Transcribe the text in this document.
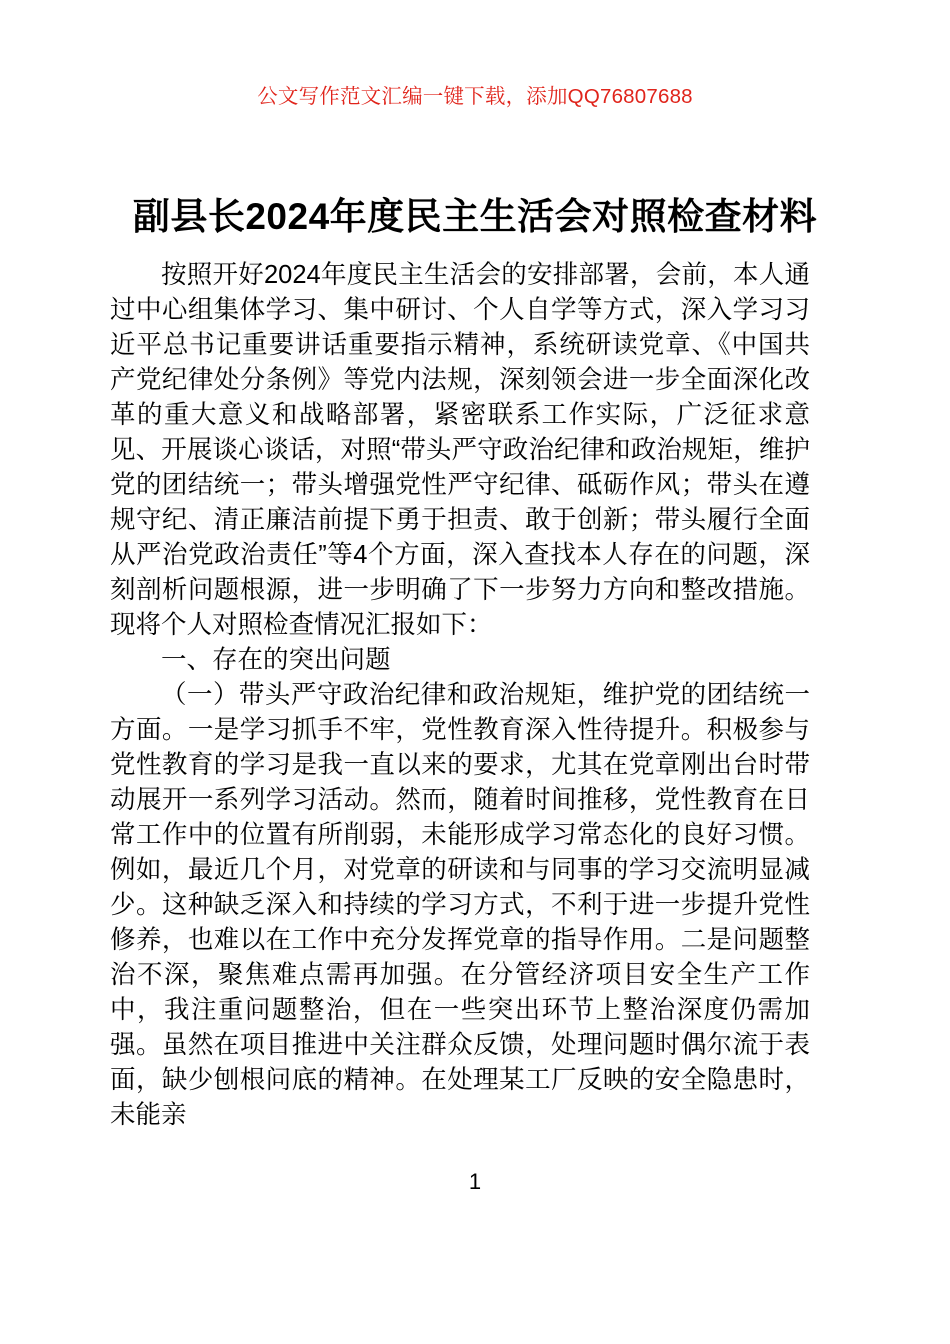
公文写作范文汇编一键下载，添加QQ76807688
副县长2024年度民主生活会对照检查材料

按照开好2024年度民主生活会的安排部署，会前，本人通过中心组集体学习、集中研讨、个人自学等方式，深入学习习近平总书记重要讲话重要指示精神，系统研读党章、《中国共产党纪律处分条例》等党内法规，深刻领会进一步全面深化改革的重大意义和战略部署，紧密联系工作实际，广泛征求意见、开展谈心谈话，对照“带头严守政治纪律和政治规矩，维护党的团结统一；带头增强党性严守纪律、砥砺作风；带头在遵规守纪、清正廉洁前提下勇于担责、敢于创新；带头履行全面从严治党政治责任”等4个方面，深入查找本人存在的问题，深刻剖析问题根源，进一步明确了下一步努力方向和整改措施。现将个人对照检查情况汇报如下：

一、存在的突出问题

（一）带头严守政治纪律和政治规矩，维护党的团结统一方面。一是学习抓手不牢，党性教育深入性待提升。积极参与党性教育的学习是我一直以来的要求，尤其在党章刚出台时带动展开一系列学习活动。然而，随着时间推移，党性教育在日常工作中的位置有所削弱，未能形成学习常态化的良好习惯。例如，最近几个月，对党章的研读和与同事的学习交流明显减少。这种缺乏深入和持续的学习方式，不利于进一步提升党性修养，也难以在工作中充分发挥党章的指导作用。二是问题整治不深，聚焦难点需再加强。在分管经济项目安全生产工作中，我注重问题整治，但在一些突出环节上整治深度仍需加强。虽然在项目推进中关注群众反馈，处理问题时偶尔流于表面，缺少刨根问底的精神。在处理某工厂反映的安全隐患时，未能亲

1
